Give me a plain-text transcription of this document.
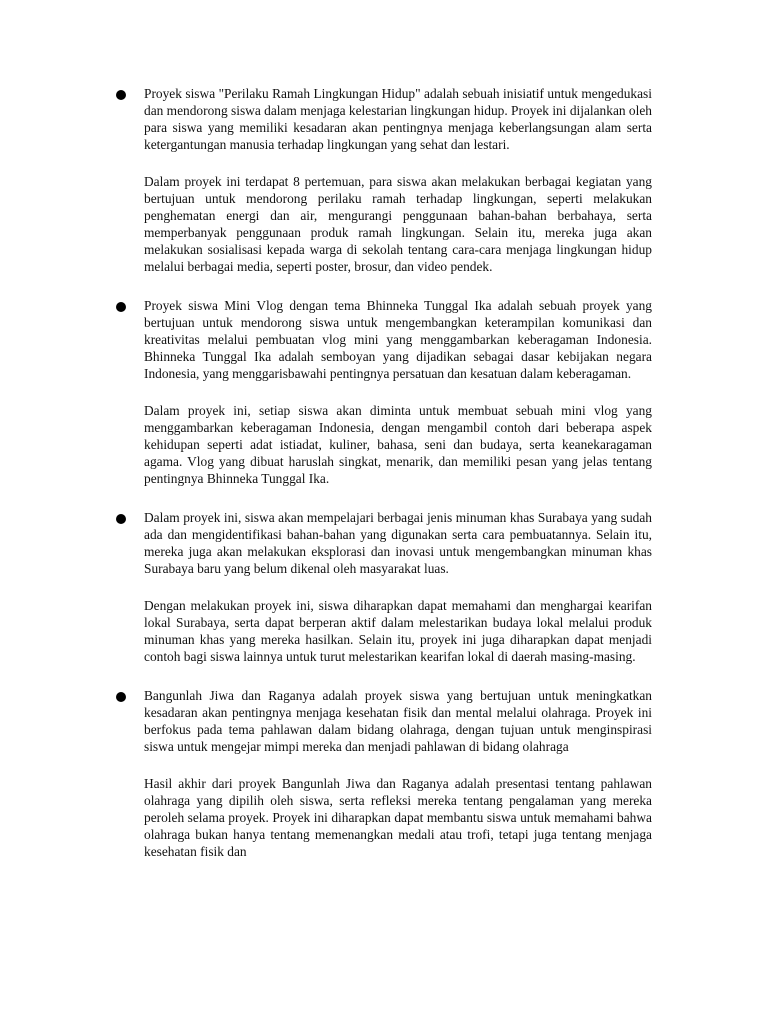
Proyek siswa "Perilaku Ramah Lingkungan Hidup" adalah sebuah inisiatif untuk mengedukasi dan mendorong siswa dalam menjaga kelestarian lingkungan hidup. Proyek ini dijalankan oleh para siswa yang memiliki kesadaran akan pentingnya menjaga keberlangsungan alam serta ketergantungan manusia terhadap lingkungan yang sehat dan lestari.

Dalam proyek ini terdapat 8 pertemuan, para siswa akan melakukan berbagai kegiatan yang bertujuan untuk mendorong perilaku ramah terhadap lingkungan, seperti melakukan penghematan energi dan air, mengurangi penggunaan bahan-bahan berbahaya, serta memperbanyak penggunaan produk ramah lingkungan. Selain itu, mereka juga akan melakukan sosialisasi kepada warga di sekolah tentang cara-cara menjaga lingkungan hidup melalui berbagai media, seperti poster, brosur, dan video pendek.

Proyek siswa Mini Vlog dengan tema Bhinneka Tunggal Ika adalah sebuah proyek yang bertujuan untuk mendorong siswa untuk mengembangkan keterampilan komunikasi dan kreativitas melalui pembuatan vlog mini yang menggambarkan keberagaman Indonesia. Bhinneka Tunggal Ika adalah semboyan yang dijadikan sebagai dasar kebijakan negara Indonesia, yang menggarisbawahi pentingnya persatuan dan kesatuan dalam keberagaman.

Dalam proyek ini, setiap siswa akan diminta untuk membuat sebuah mini vlog yang menggambarkan keberagaman Indonesia, dengan mengambil contoh dari beberapa aspek kehidupan seperti adat istiadat, kuliner, bahasa, seni dan budaya, serta keanekaragaman agama. Vlog yang dibuat haruslah singkat, menarik, dan memiliki pesan yang jelas tentang pentingnya Bhinneka Tunggal Ika.

Dalam proyek ini, siswa akan mempelajari berbagai jenis minuman khas Surabaya yang sudah ada dan mengidentifikasi bahan-bahan yang digunakan serta cara pembuatannya. Selain itu, mereka juga akan melakukan eksplorasi dan inovasi untuk mengembangkan minuman khas Surabaya baru yang belum dikenal oleh masyarakat luas.

Dengan melakukan proyek ini, siswa diharapkan dapat memahami dan menghargai kearifan lokal Surabaya, serta dapat berperan aktif dalam melestarikan budaya lokal melalui produk minuman khas yang mereka hasilkan. Selain itu, proyek ini juga diharapkan dapat menjadi contoh bagi siswa lainnya untuk turut melestarikan kearifan lokal di daerah masing-masing.

Bangunlah Jiwa dan Raganya adalah proyek siswa yang bertujuan untuk meningkatkan kesadaran akan pentingnya menjaga kesehatan fisik dan mental melalui olahraga. Proyek ini berfokus pada tema pahlawan dalam bidang olahraga, dengan tujuan untuk menginspirasi siswa untuk mengejar mimpi mereka dan menjadi pahlawan di bidang olahraga

Hasil akhir dari proyek Bangunlah Jiwa dan Raganya adalah presentasi tentang pahlawan olahraga yang dipilih oleh siswa, serta refleksi mereka tentang pengalaman yang mereka peroleh selama proyek. Proyek ini diharapkan dapat membantu siswa untuk memahami bahwa olahraga bukan hanya tentang memenangkan medali atau trofi, tetapi juga tentang menjaga kesehatan fisik dan
